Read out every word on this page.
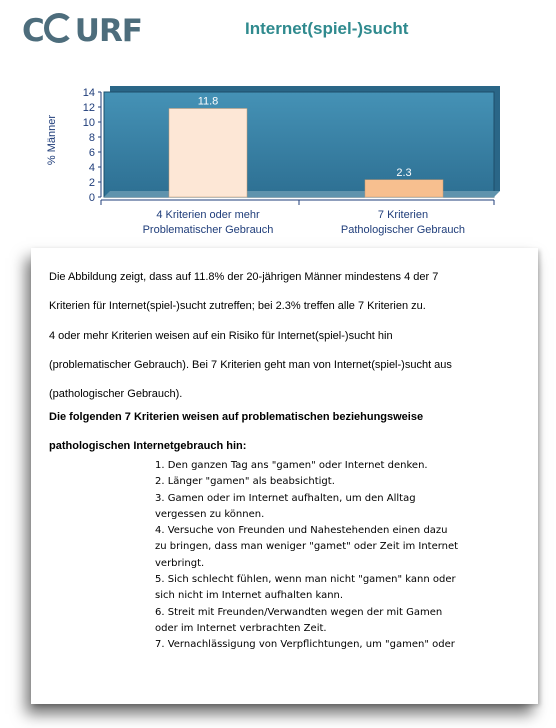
C URF	Internet(spiel-)sucht
0
2
4
6
8
10
12
14
11.8
2.3
% Männer
4 Kriterien oder mehr
Problematischer Gebrauch
7 Kriterien
Pathologischer Gebrauch
Die Abbildung zeigt, dass auf 11.8% der 20-jährigen Männer mindestens 4 der 7
Kriterien für Internet(spiel-)sucht zutreffen; bei 2.3% treffen alle 7 Kriterien zu.
4 oder mehr Kriterien weisen auf ein Risiko für Internet(spiel-)sucht hin
(problematischer Gebrauch). Bei 7 Kriterien geht man von Internet(spiel-)sucht aus
(pathologischer Gebrauch).
Die folgenden 7 Kriterien weisen auf problematischen beziehungsweise
pathologischen Internetgebrauch hin:
1. Den ganzen Tag ans "gamen" oder Internet denken.
2. Länger "gamen" als beabsichtigt.
3. Gamen oder im Internet aufhalten, um den Alltag
vergessen zu können.
4. Versuche von Freunden und Nahestehenden einen dazu
zu bringen, dass man weniger "gamet" oder Zeit im Internet
verbringt.
5. Sich schlecht fühlen, wenn man nicht "gamen" kann oder
sich nicht im Internet aufhalten kann.
6. Streit mit Freunden/Verwandten wegen der mit Gamen
oder im Internet verbrachten Zeit.
7. Vernachlässigung von Verpflichtungen, um "gamen" oder
